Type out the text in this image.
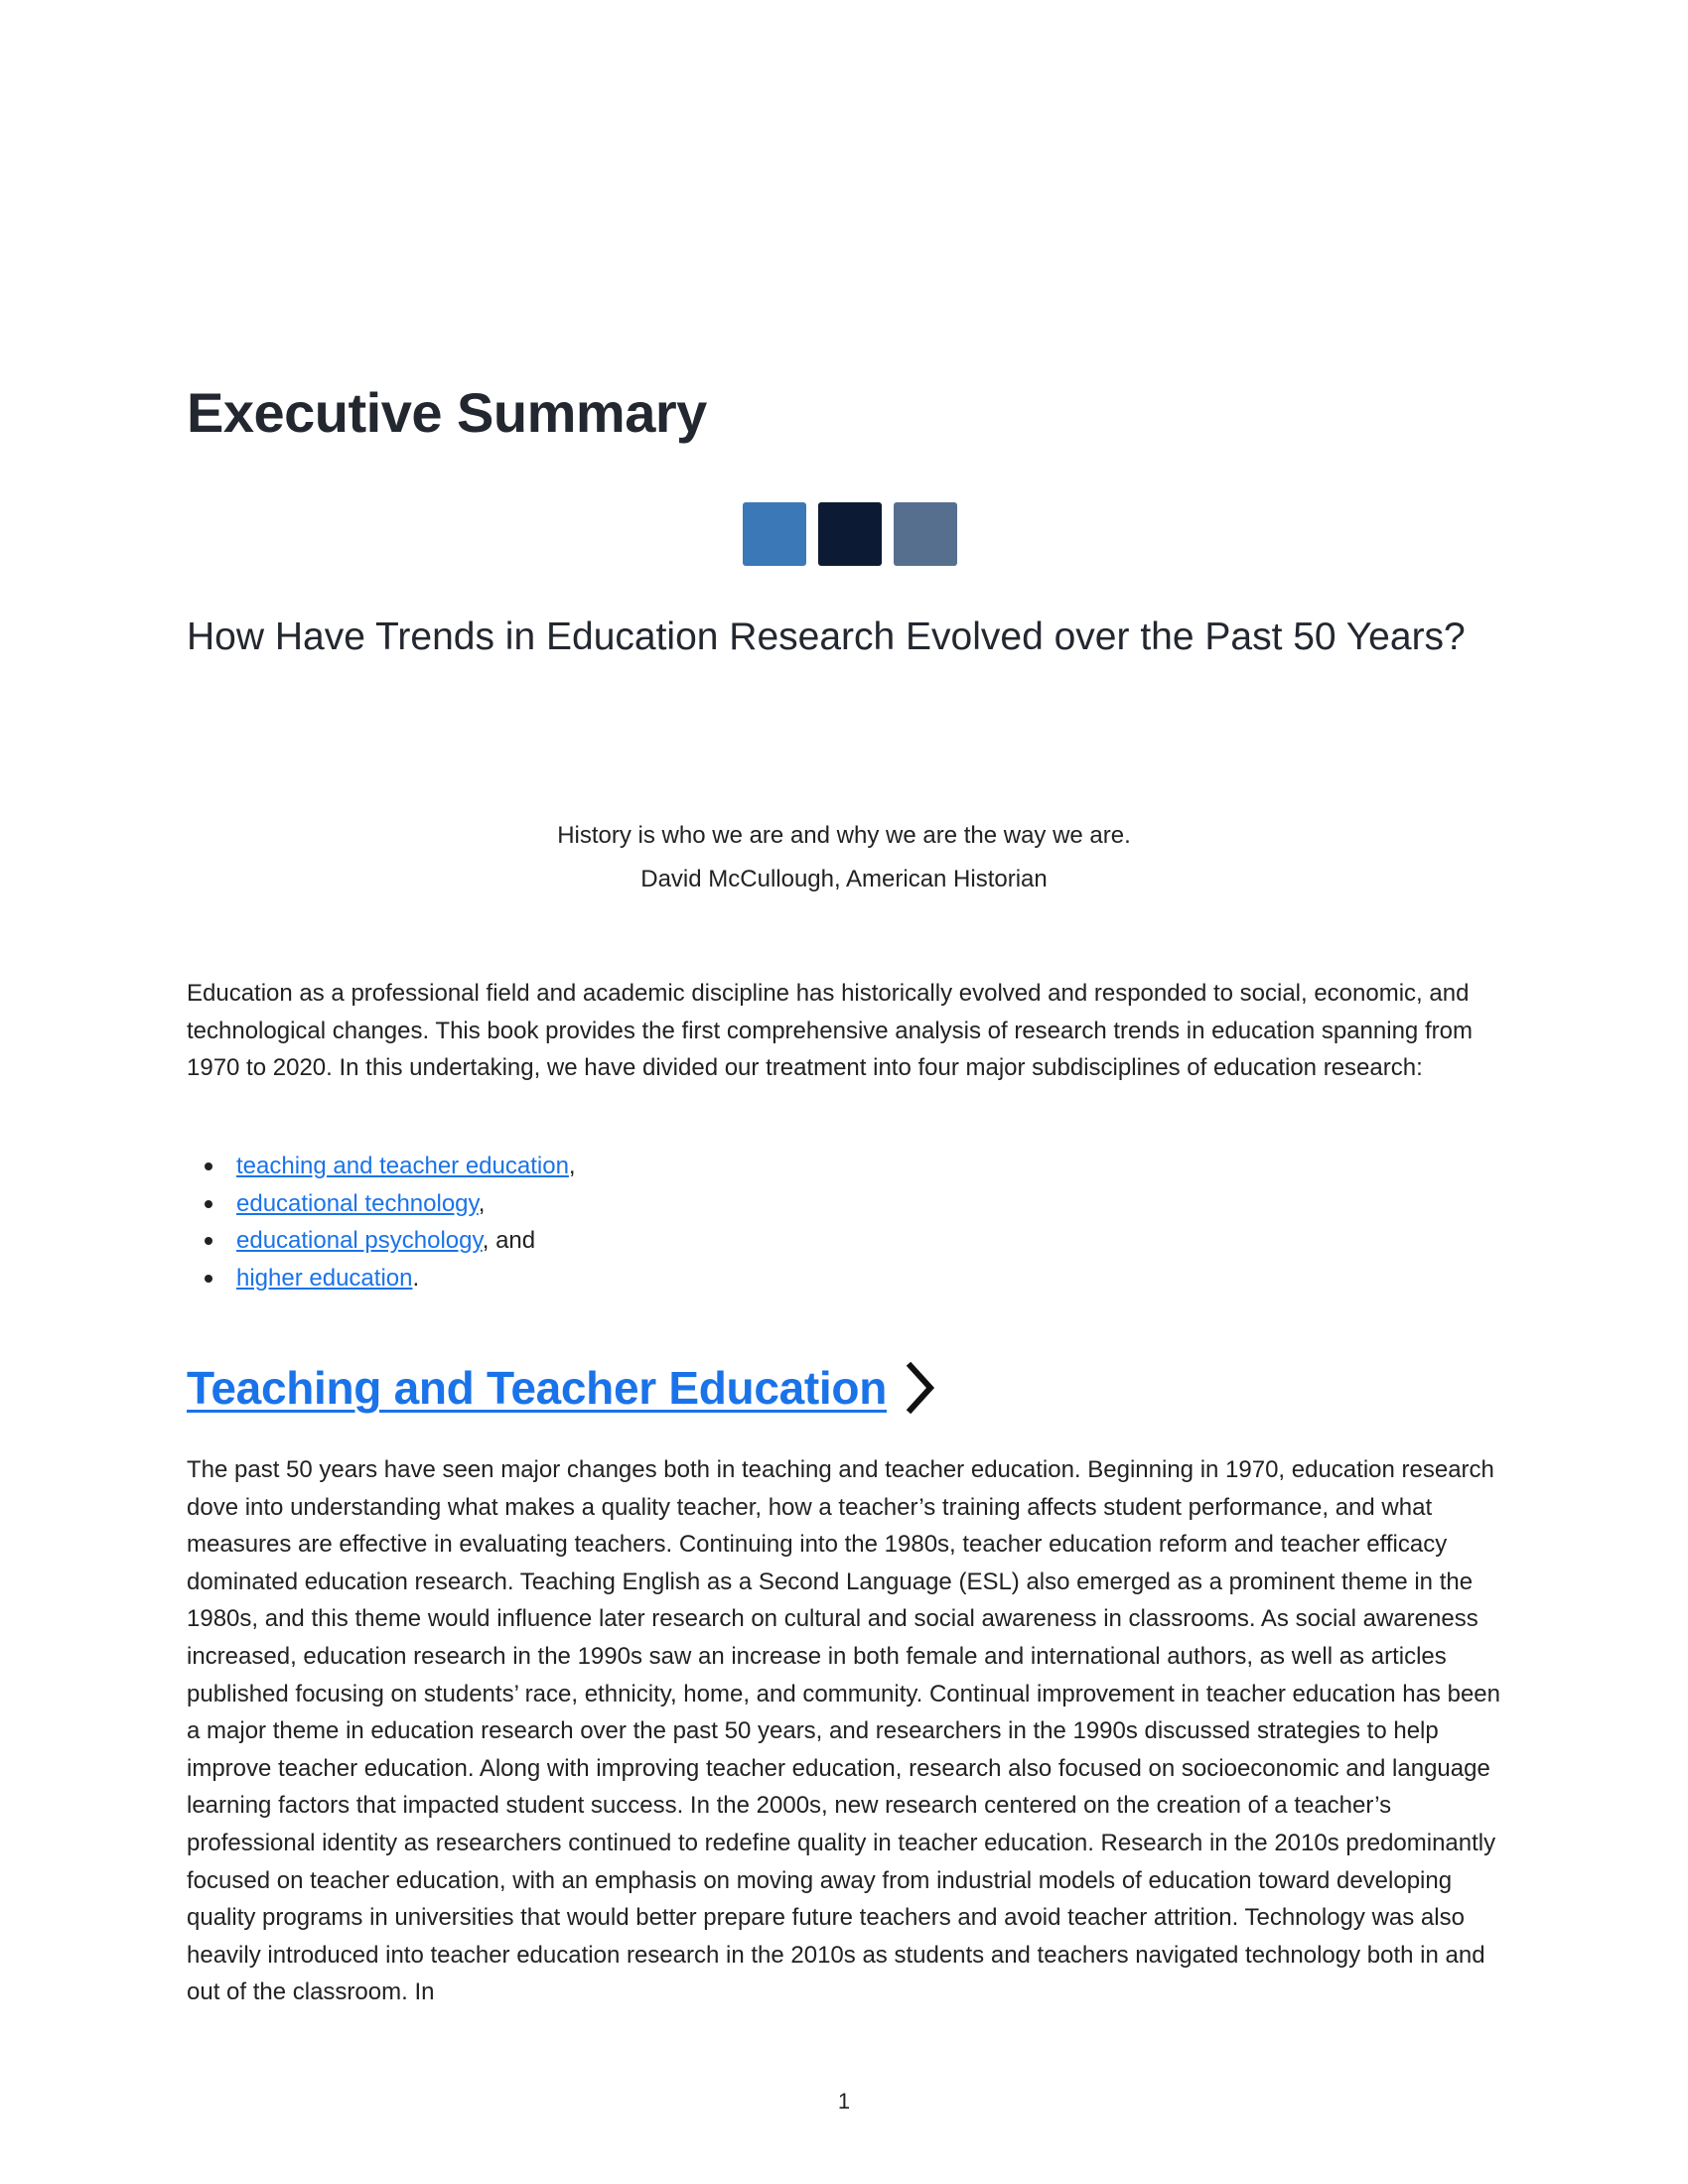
Executive Summary
How Have Trends in Education Research Evolved over the Past 50 Years?
History is who we are and why we are the way we are.
David McCullough, American Historian

Education as a professional field and academic discipline has historically evolved and responded to social, economic, and technological changes. This book provides the first comprehensive analysis of research trends in education spanning from 1970 to 2020. In this undertaking, we have divided our treatment into four major subdisciplines of education research:

teaching and teacher education,
educational technology,
educational psychology, and
higher education.
Teaching and Teacher Education

The past 50 years have seen major changes both in teaching and teacher education. Beginning in 1970, education research dove into understanding what makes a quality teacher, how a teacher’s training affects student performance, and what measures are effective in evaluating teachers. Continuing into the 1980s, teacher education reform and teacher efficacy dominated education research. Teaching English as a Second Language (ESL) also emerged as a prominent theme in the 1980s, and this theme would influence later research on cultural and social awareness in classrooms. As social awareness increased, education research in the 1990s saw an increase in both female and international authors, as well as articles published focusing on students’ race, ethnicity, home, and community. Continual improvement in teacher education has been a major theme in education research over the past 50 years, and researchers in the 1990s discussed strategies to help improve teacher education. Along with improving teacher education, research also focused on socioeconomic and language learning factors that impacted student success. In the 2000s, new research centered on the creation of a teacher’s professional identity as researchers continued to redefine quality in teacher education. Research in the 2010s predominantly focused on teacher education, with an emphasis on moving away from industrial models of education toward developing quality programs in universities that would better prepare future teachers and avoid teacher attrition. Technology was also heavily introduced into teacher education research in the 2010s as students and teachers navigated technology both in and out of the classroom. In

1
